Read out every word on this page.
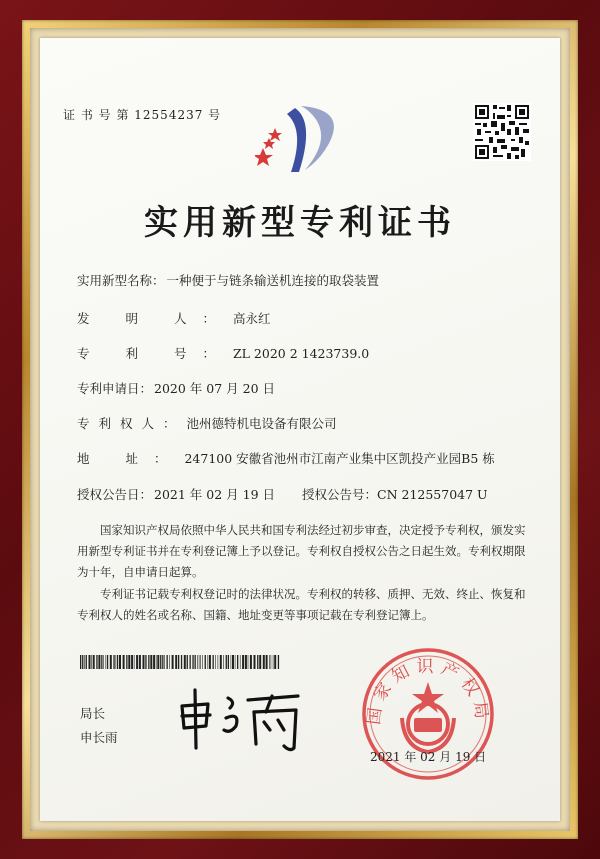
证 书 号 第 12554237 号
实用新型专利证书
实用新型名称： 一种便于与链条输送机连接的取袋装置
发 明 人： 高永红
专 利 号： ZL 2020 2 1423739.0
专利申请日： 2020 年 07 月 20 日
专利权人： 池州德特机电设备有限公司
地 址： 247100 安徽省池州市江南产业集中区凯投产业园B5 栋
授权公告日： 2021 年 02 月 19 日 授权公告号：CN 212557047 U
国家知识产权局依照中华人民共和国专利法经过初步审查，决定授予专利权，颁发实用新型专利证书并在专利登记簿上予以登记。专利权自授权公告之日起生效。专利权期限为十年，自申请日起算。
专利证书记载专利权登记时的法律状况。专利权的转移、质押、无效、终止、恢复和专利权人的姓名或名称、国籍、地址变更等事项记载在专利登记簿上。
局长
申长雨
国家知识产权局
2021 年 02 月 19 日
